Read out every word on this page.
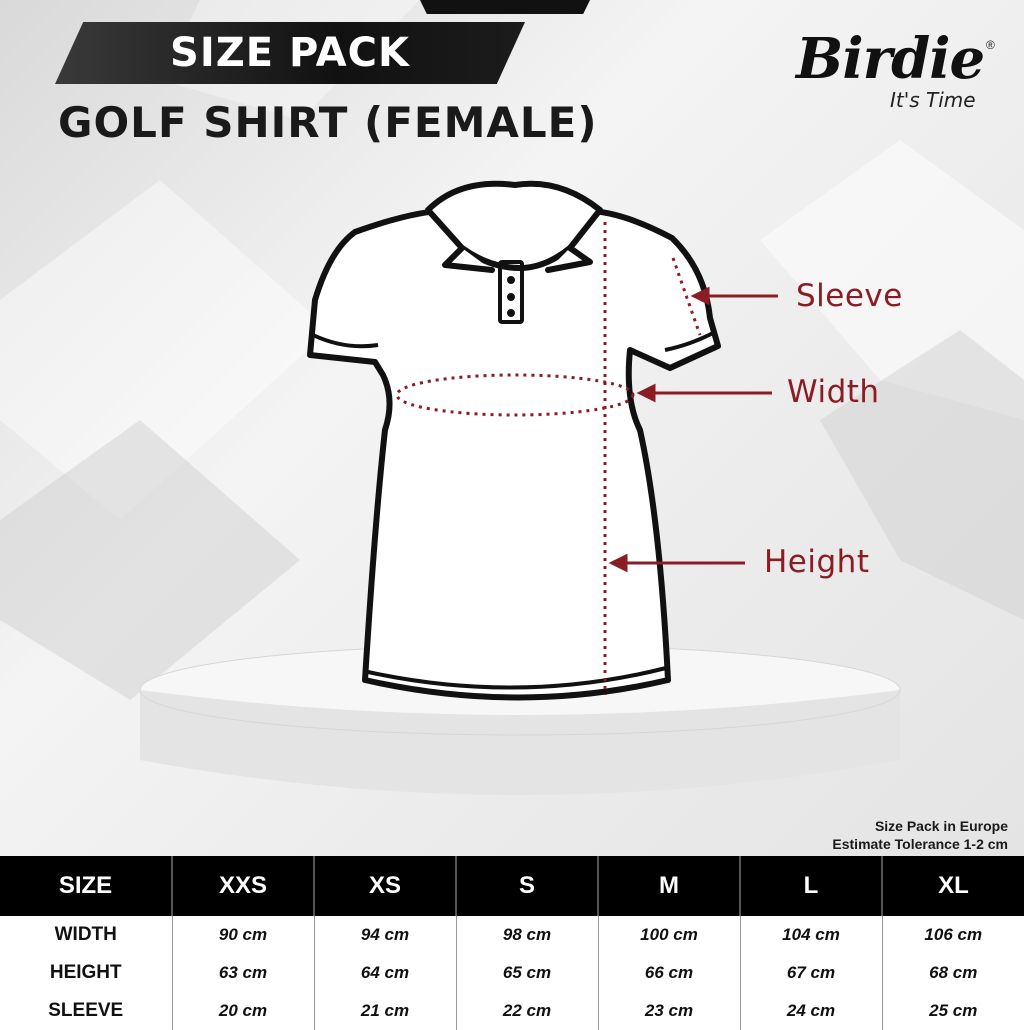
SIZE PACK
GOLF SHIRT (FEMALE)
Birdie ®
It's Time
Sleeve
Width
Height
Size Pack in Europe
Estimate Tolerance 1-2 cm
SIZE	XXS	XS	S	M	L	XL
WIDTH	90 cm	94 cm	98 cm	100 cm	104 cm	106 cm
HEIGHT	63 cm	64 cm	65 cm	66 cm	67 cm	68 cm
SLEEVE	20 cm	21 cm	22 cm	23 cm	24 cm	25 cm
